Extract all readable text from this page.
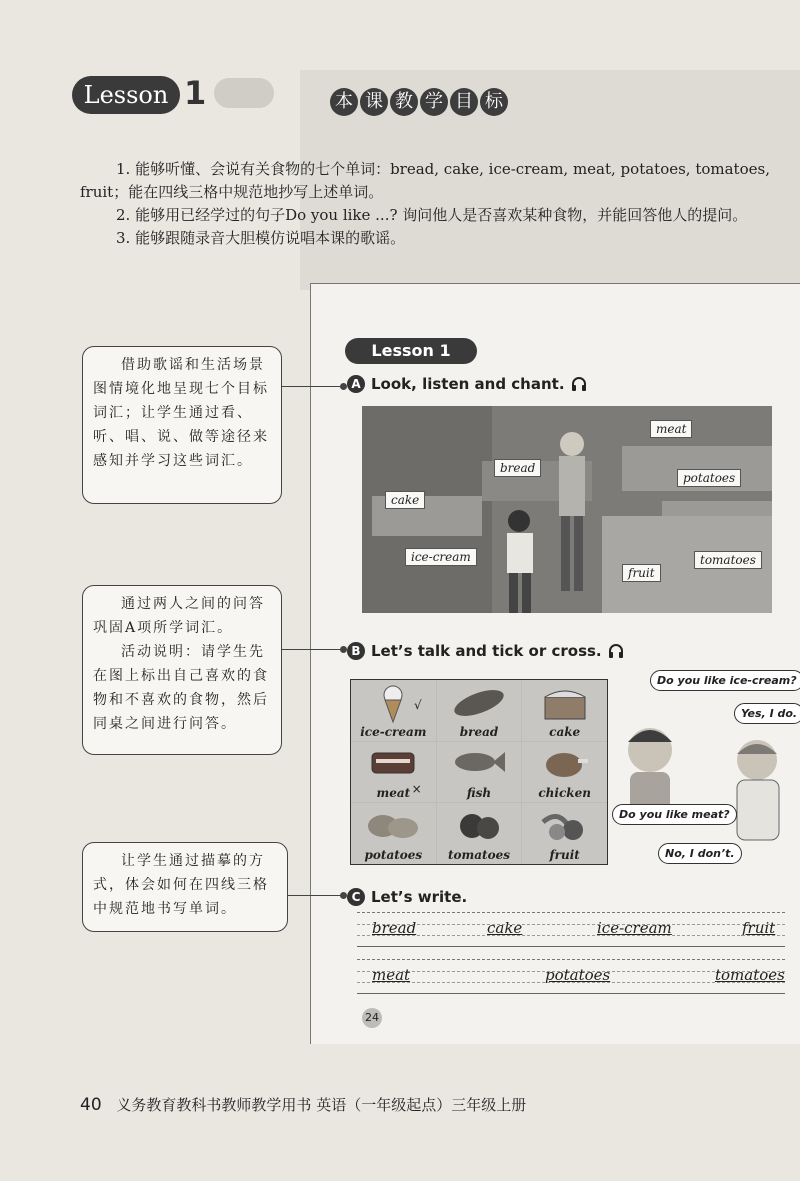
Lesson 1	本 课 教 学 目 标

1. 能够听懂、会说有关食物的七个单词：bread, cake, ice-cream, meat, potatoes, tomatoes, fruit；能在四线三格中规范地抄写上述单词。

2. 能够用已经学过的句子Do you like ...? 询问他人是否喜欢某种食物，并能回答他人的提问。

3. 能够跟随录音大胆模仿说唱本课的歌谣。

Lesson 1
A Look, listen and chant.
meat
bread
potatoes
cake
ice-cream	tomatoes
fruit
B Let’s talk and tick or cross.
√
ice-cream	bread	cake
×
meat	fish	chicken
potatoes	tomatoes	fruit
Do you like ice-cream?
Yes, I do.
Do you like meat?
No, I don’t.
C Let’s write.
bread	cake	ice-cream	fruit
meat	potatoes	tomatoes
24

借助歌谣和生活场景图情境化地呈现七个目标词汇；让学生通过看、听、唱、说、做等途径来感知并学习这些词汇。

通过两人之间的问答巩固A项所学词汇。

活动说明：请学生先在图上标出自己喜欢的食物和不喜欢的食物，然后同桌之间进行问答。

让学生通过描摹的方式，体会如何在四线三格中规范地书写单词。

40 义务教育教科书教师教学用书 英语（一年级起点）三年级上册
